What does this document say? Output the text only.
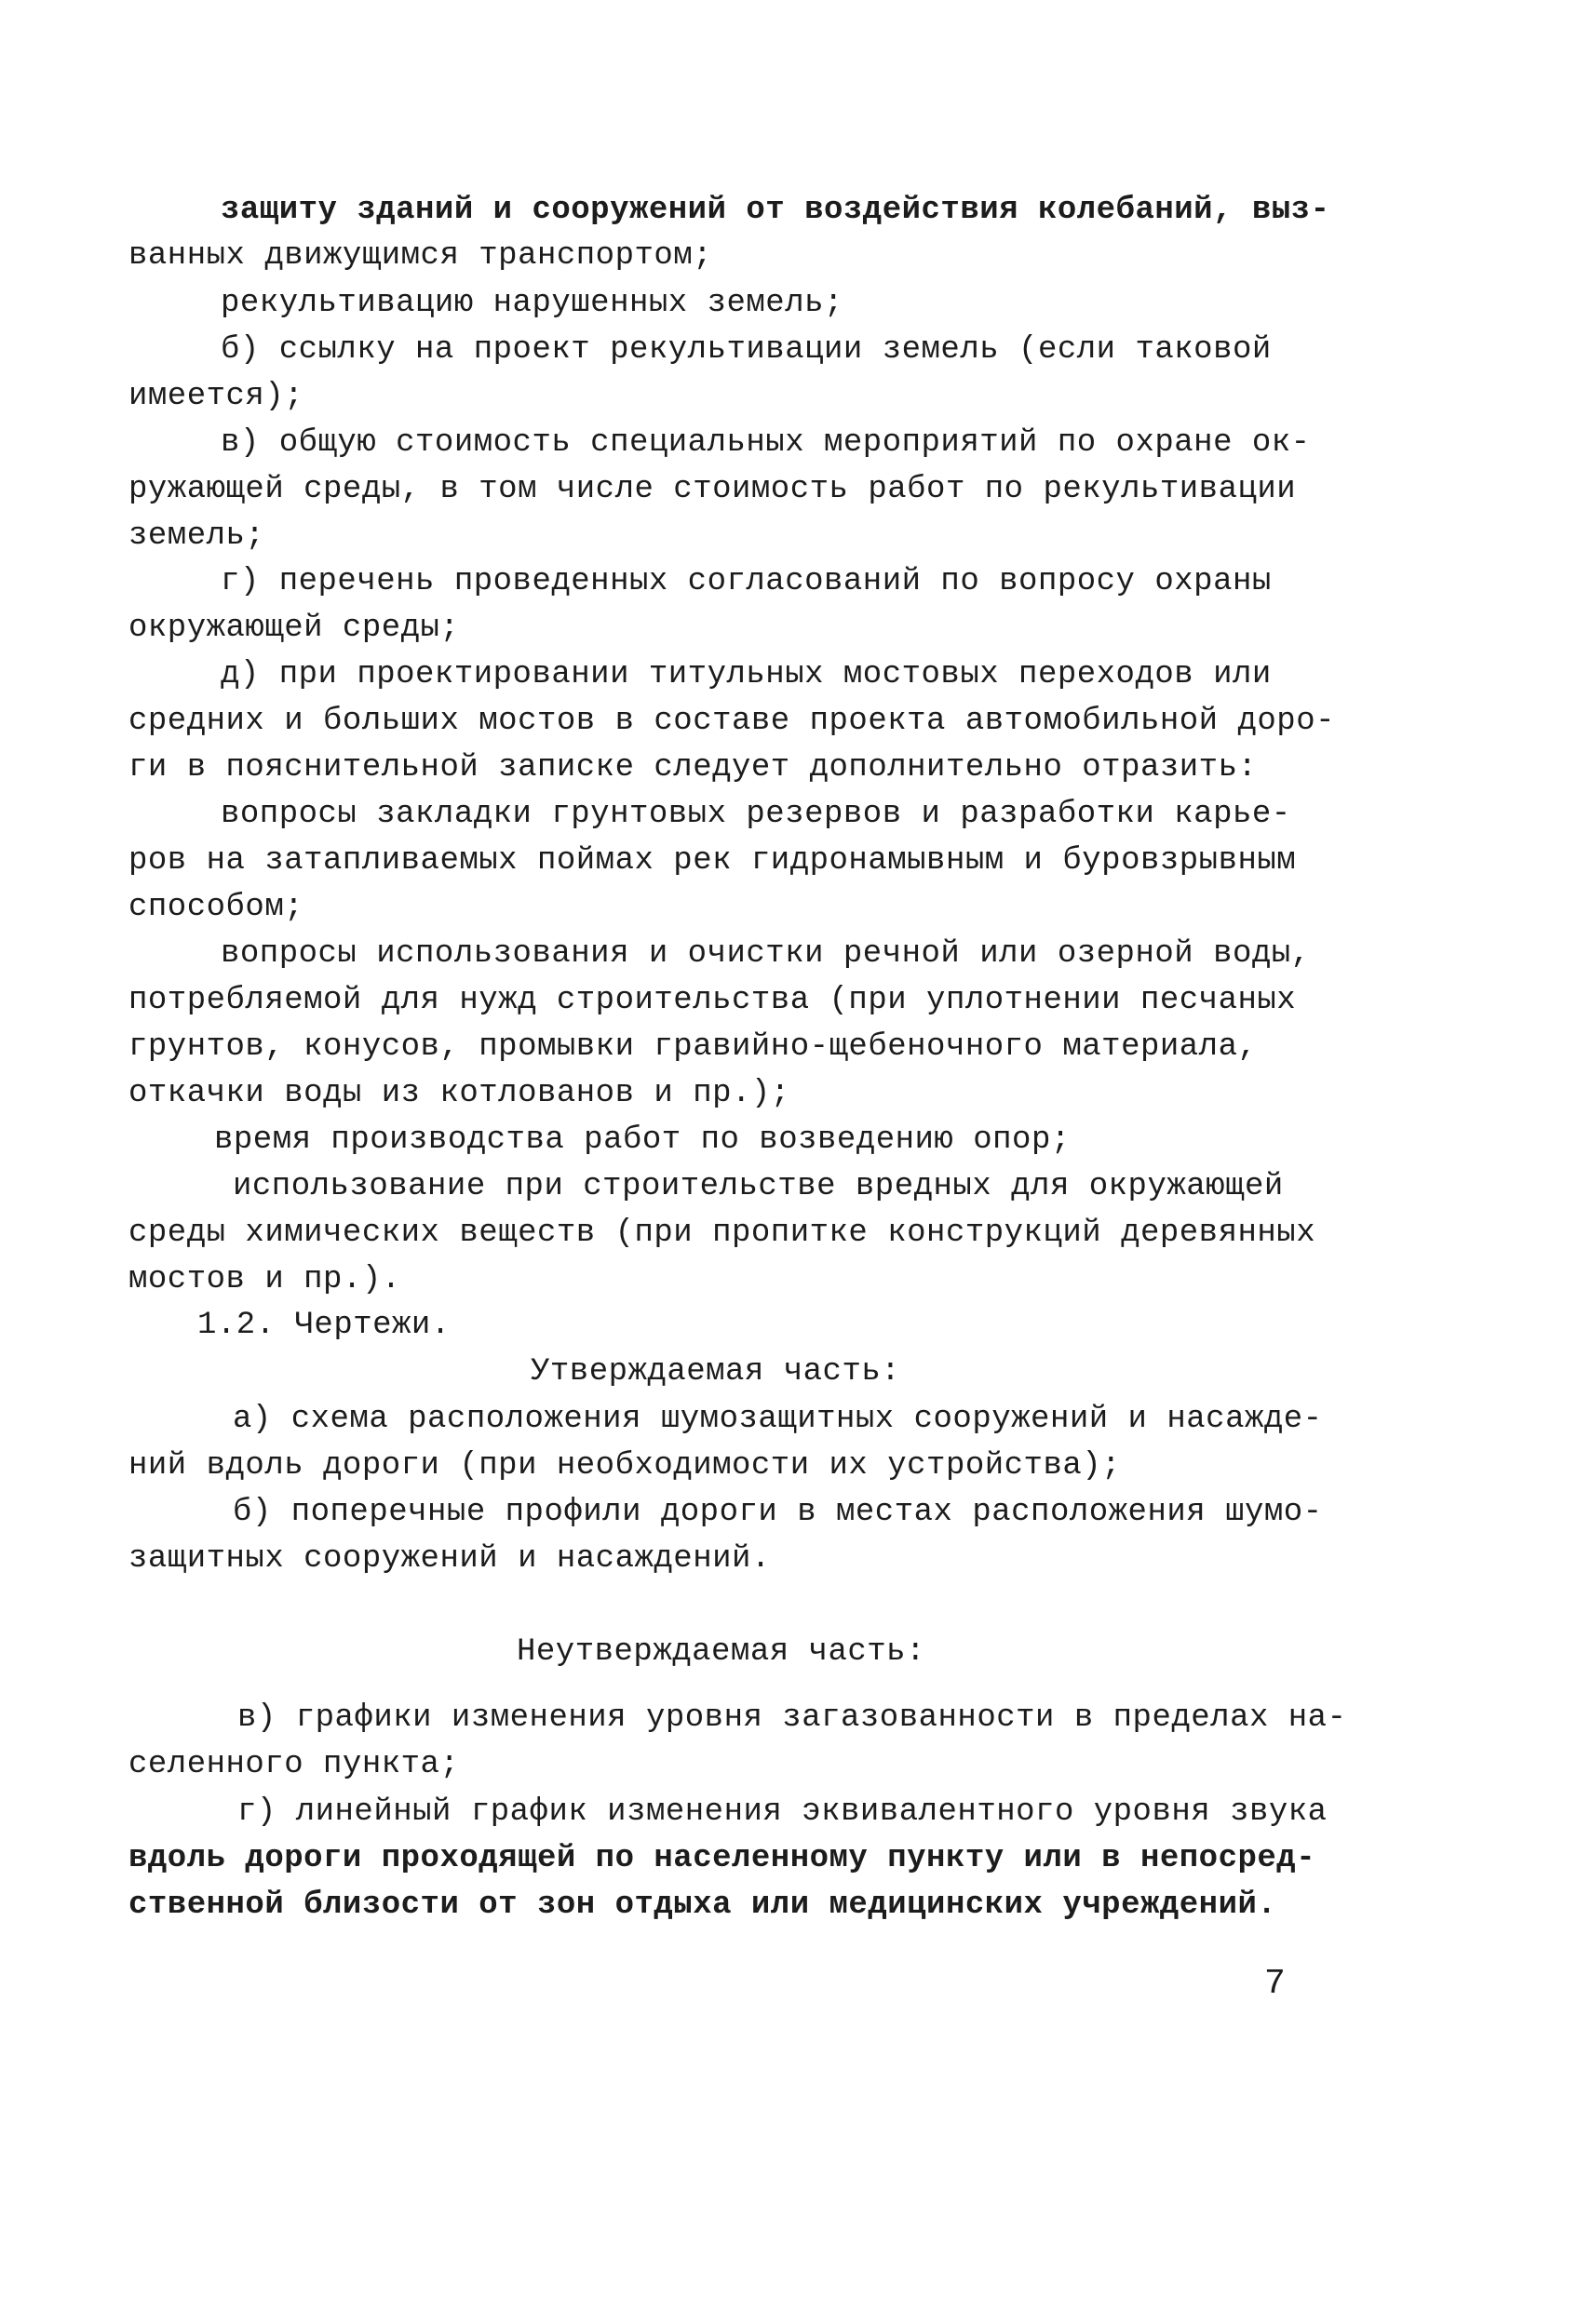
защиту зданий и сооружений от воздействия колебаний, выз-
ванных движущимся транспортом;
рекультивацию нарушенных земель;
б) ссылку на проект рекультивации земель (если таковой
имеется);
в) общую стоимость специальных мероприятий по охране ок-
ружающей среды, в том числе стоимость работ по рекультивации
земель;
г) перечень проведенных согласований по вопросу охраны
окружающей среды;
д) при проектировании титульных мостовых переходов или
средних и больших мостов в составе проекта автомобильной доро-
ги в пояснительной записке следует дополнительно отразить:
вопросы закладки грунтовых резервов и разработки карье-
ров на затапливаемых поймах рек гидронамывным и буровзрывным
способом;
вопросы использования и очистки речной или озерной воды,
потребляемой для нужд строительства (при уплотнении песчаных
грунтов, конусов, промывки гравийно-щебеночного материала,
откачки воды из котлованов и пр.);
время производства работ по возведению опор;
использование при строительстве вредных для окружающей
среды химических веществ (при пропитке конструкций деревянных
мостов и пр.).
1.2. Чертежи.
Утверждаемая часть:
а) схема расположения шумозащитных сооружений и насажде-
ний вдоль дороги (при необходимости их устройства);
б) поперечные профили дороги в местах расположения шумо-
защитных сооружений и насаждений.
Неутверждаемая часть:
в) графики изменения уровня загазованности в пределах на-
селенного пункта;
г) линейный график изменения эквивалентного уровня звука
вдоль дороги проходящей по населенному пункту или в непосред-
ственной близости от зон отдыха или медицинских учреждений.
7
